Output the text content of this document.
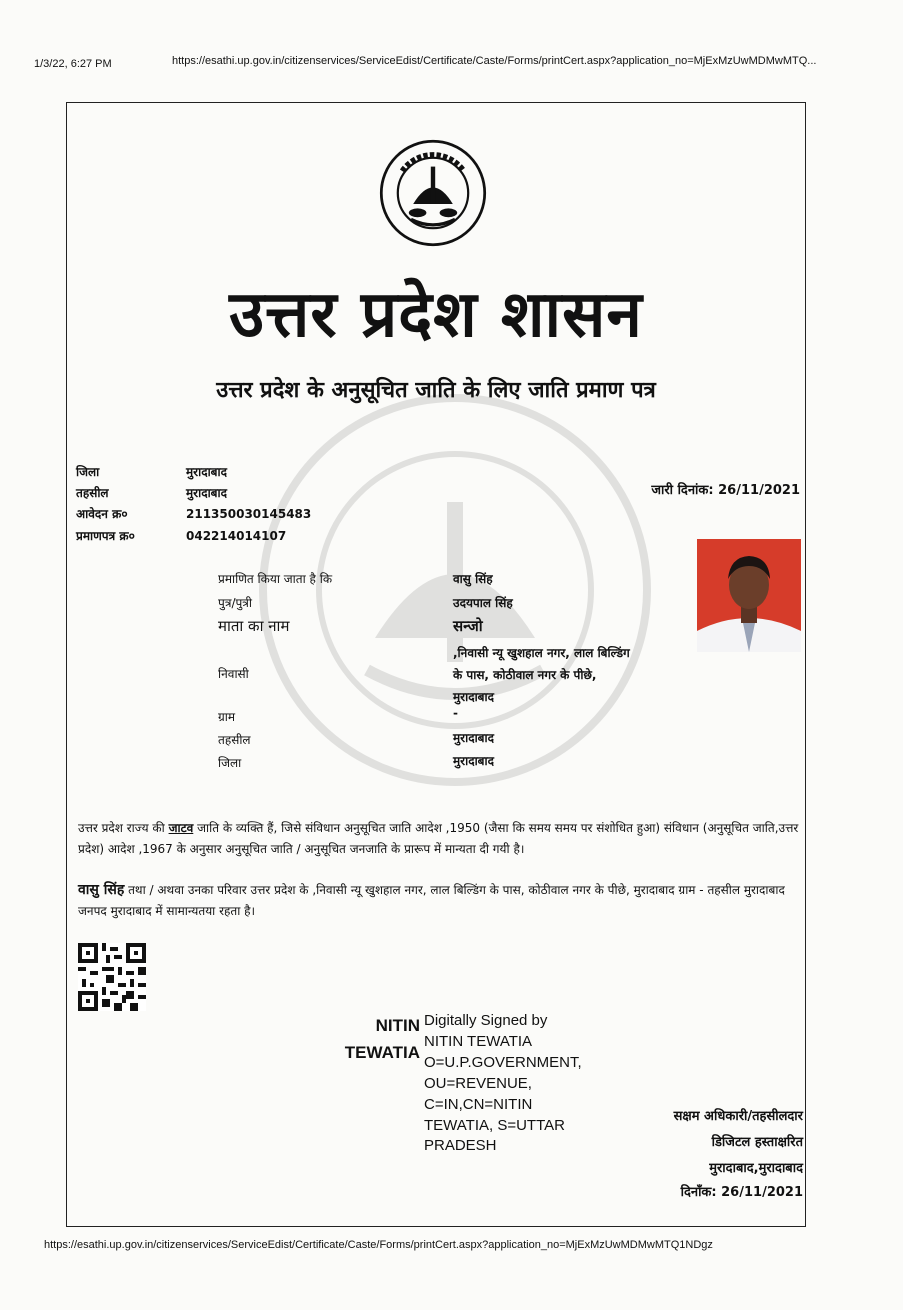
1/3/22, 6:27 PM	https://esathi.up.gov.in/citizenservices/ServiceEdist/Certificate/Caste/Forms/printCert.aspx?application_no=MjExMzUwMDMwMTQ...
उत्तर प्रदेश शासन
उत्तर प्रदेश के अनुसूचित जाति के लिए जाति प्रमाण पत्र
जिला	मुरादाबाद
तहसील	मुरादाबाद
आवेदन क्र०	211350030145483
प्रमाणपत्र क्र०	042214014107
जारी दिनांक: 26/11/2021
प्रमाणित किया जाता है कि	वासु सिंह
पुत्र/पुत्री	उदयपाल सिंह
माता का नाम	सन्जो
निवासी
,निवासी न्यू खुशहाल नगर, लाल बिल्डिंग
के पास, कोठीवाल नगर के पीछे,
मुरादाबाद
ग्राम	-
तहसील	मुरादाबाद
जिला	मुरादाबाद
उत्तर प्रदेश राज्य की जाटव जाति के व्यक्ति हैं, जिसे संविधान अनुसूचित जाति आदेश ,1950 (जैसा कि समय समय पर संशोधित हुआ) संविधान (अनुसूचित जाति,उत्तर प्रदेश) आदेश ,1967 के अनुसार अनुसूचित जाति / अनुसूचित जनजाति के प्रारूप में मान्यता दी गयी है।
वासु सिंह तथा / अथवा उनका परिवार उत्तर प्रदेश के ,निवासी न्यू खुशहाल नगर, लाल बिल्डिंग के पास, कोठीवाल नगर के पीछे, मुरादाबाद ग्राम - तहसील मुरादाबाद जनपद मुरादाबाद में सामान्यतया रहता है।
NITIN
TEWATIA
Digitally Signed by
NITIN TEWATIA
O=U.P.GOVERNMENT,
OU=REVENUE,
C=IN,CN=NITIN
TEWATIA, S=UTTAR
PRADESH
सक्षम अधिकारी/तहसीलदार
डिजिटल हस्ताक्षरित
मुरादाबाद,मुरादाबाद
दिनाँक: 26/11/2021
https://esathi.up.gov.in/citizenservices/ServiceEdist/Certificate/Caste/Forms/printCert.aspx?application_no=MjExMzUwMDMwMTQ1NDgz
